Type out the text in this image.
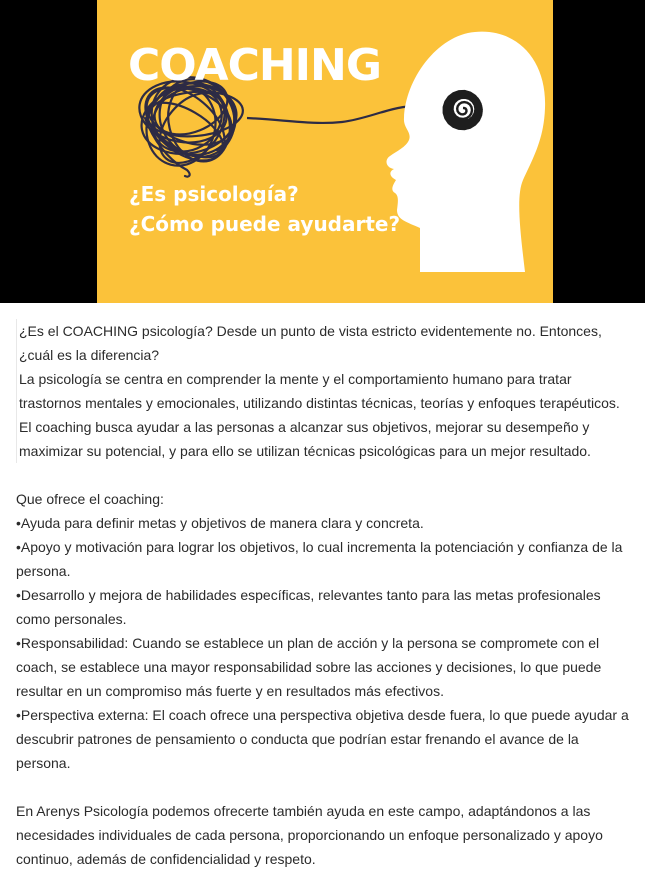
COACHING
¿Es psicología?
¿Cómo puede ayudarte?

¿Es el COACHING psicología? Desde un punto de vista estricto evidentemente no. Entonces, ¿cuál es la diferencia?

La psicología se centra en comprender la mente y el comportamiento humano para tratar trastornos mentales y emocionales, utilizando distintas técnicas, teorías y enfoques terapéuticos.

El coaching busca ayudar a las personas a alcanzar sus objetivos, mejorar su desempeño y maximizar su potencial, y para ello se utilizan técnicas psicológicas para un mejor resultado.

Que ofrece el coaching:

•Ayuda para definir metas y objetivos de manera clara y concreta.

•Apoyo y motivación para lograr los objetivos, lo cual incrementa la potenciación y confianza de la persona.

•Desarrollo y mejora de habilidades específicas, relevantes tanto para las metas profesionales como personales.

•Responsabilidad: Cuando se establece un plan de acción y la persona se compromete con el coach, se establece una mayor responsabilidad sobre las acciones y decisiones, lo que puede resultar en un compromiso más fuerte y en resultados más efectivos.

•Perspectiva externa: El coach ofrece una perspectiva objetiva desde fuera, lo que puede ayudar a descubrir patrones de pensamiento o conducta que podrían estar frenando el avance de la persona.

En Arenys Psicología podemos ofrecerte también ayuda en este campo, adaptándonos a las necesidades individuales de cada persona, proporcionando un enfoque personalizado y apoyo continuo, además de confidencialidad y respeto.
